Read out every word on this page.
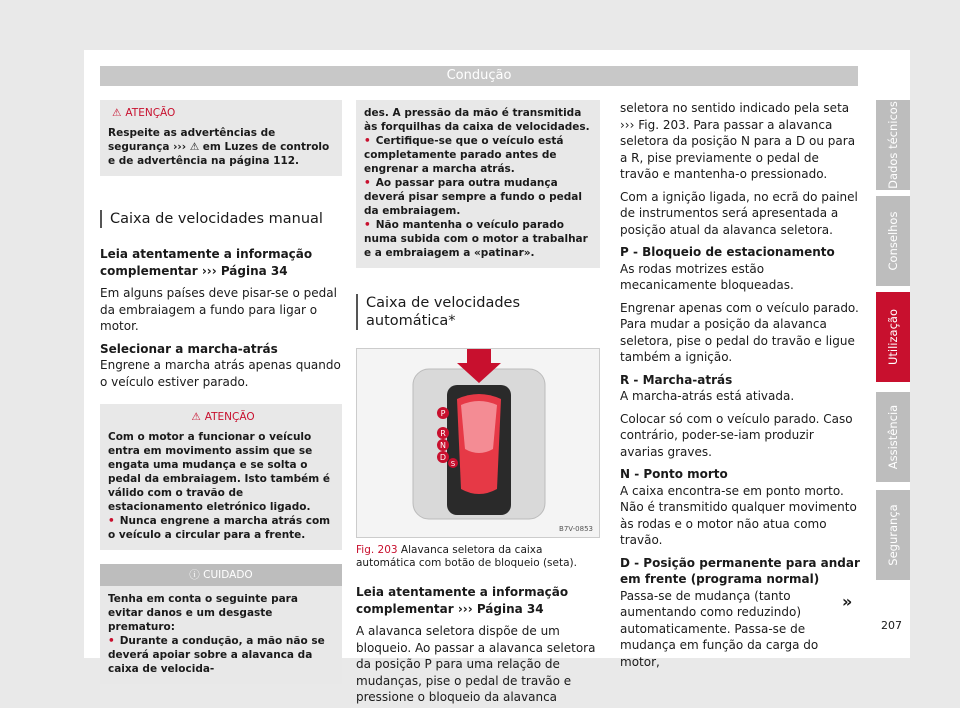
Condução
⚠ ATENÇÃO
Respeite as advertências de segurança ››› ⚠ em Luzes de controlo e de advertência na página 112.
Caixa de velocidades manual

Leia atentamente a informação complementar ››› Página 34

Em alguns países deve pisar-se o pedal da embraiagem a fundo para ligar o motor.

Selecionar a marcha-atrás

Engrene a marcha atrás apenas quando o veículo estiver parado.

⚠ ATENÇÃO
Com o motor a funcionar o veículo entra em movimento assim que se engata uma mudança e se solta o pedal da embraiagem. Isto também é válido com o travão de estacionamento eletrónico ligado.
• Nunca engrene a marcha atrás com o veículo a circular para a frente.
ⓘ CUIDADO
Tenha em conta o seguinte para evitar danos e um desgaste prematuro:
• Durante a condução, a mão não se deverá apoiar sobre a alavanca da caixa de velocida-
des. A pressão da mão é transmitida às forquilhas da caixa de velocidades.
• Certifique-se que o veículo está completamente parado antes de engrenar a marcha atrás.
• Ao passar para outra mudança deverá pisar sempre a fundo o pedal da embraiagem.
• Não mantenha o veículo parado numa subida com o motor a trabalhar e a embraiagem a «patinar».
Caixa de velocidades automática*
P
R
N
D
S
B7V-0853
Fig. 203 Alavanca seletora da caixa automática com botão de bloqueio (seta).

Leia atentamente a informação complementar ››› Página 34

A alavanca seletora dispõe de um bloqueio. Ao passar a alavanca seletora da posição P para uma relação de mudanças, pise o pedal de travão e pressione o bloqueio da alavanca

seletora no sentido indicado pela seta ››› Fig. 203. Para passar a alavanca seletora da posição N para a D ou para a R, pise previamente o pedal de travão e mantenha-o pressionado.

Com a ignição ligada, no ecrã do painel de instrumentos será apresentada a posição atual da alavanca seletora.

P - Bloqueio de estacionamento

As rodas motrizes estão mecanicamente bloqueadas.

Engrenar apenas com o veículo parado. Para mudar a posição da alavanca seletora, pise o pedal do travão e ligue também a ignição.

R - Marcha-atrás

A marcha-atrás está ativada.

Colocar só com o veículo parado. Caso contrário, poder-se-iam produzir avarias graves.

N - Ponto morto

A caixa encontra-se em ponto morto. Não é transmitido qualquer movimento às rodas e o motor não atua como travão.

D - Posição permanente para andar em frente (programa normal)

Passa-se de mudança (tanto aumentando como reduzindo) automaticamente. Passa-se de mudança em função da carga do motor,

»
Dados técnicos
Conselhos
Utilização
Assistência
Segurança
207
